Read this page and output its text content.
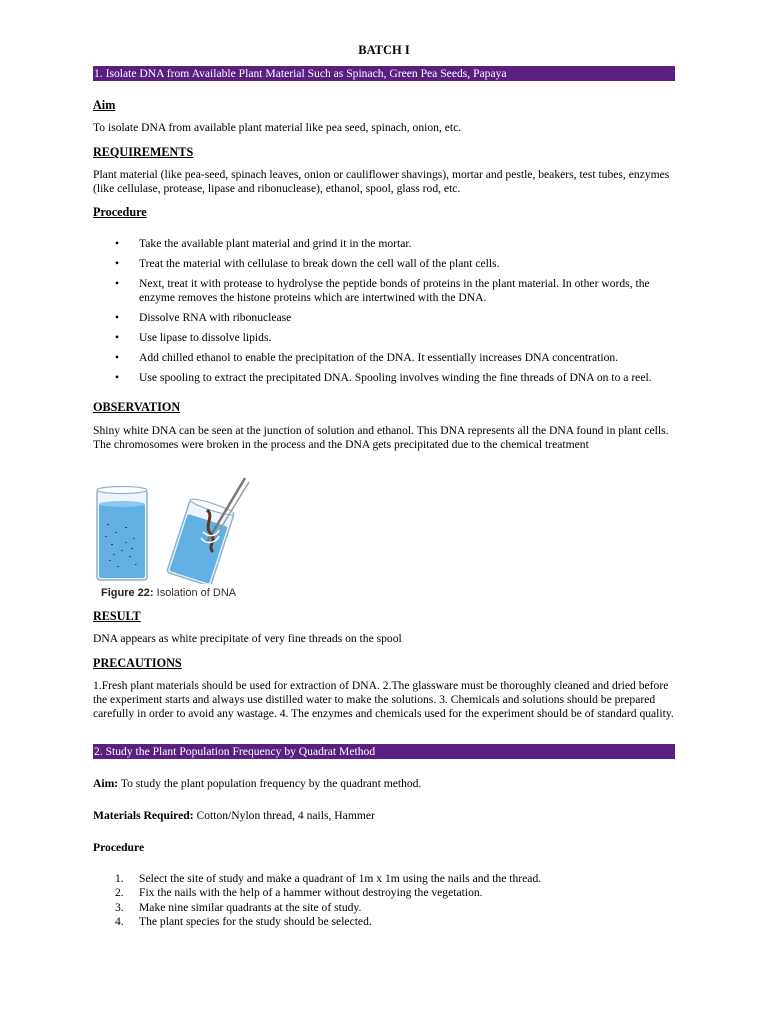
BATCH I
1. Isolate DNA from Available Plant Material Such as Spinach, Green Pea Seeds, Papaya
Aim
To isolate DNA from available plant material like pea seed, spinach, onion, etc.
REQUIREMENTS
Plant material (like pea-seed, spinach leaves, onion or cauliflower shavings), mortar and pestle, beakers, test tubes, enzymes (like cellulase, protease, lipase and ribonuclease), ethanol, spool, glass rod, etc.
Procedure
• Take the available plant material and grind it in the mortar.
• Treat the material with cellulase to break down the cell wall of the plant cells.
• Next, treat it with protease to hydrolyse the peptide bonds of proteins in the plant material. In other words, the enzyme removes the histone proteins which are intertwined with the DNA.
• Dissolve RNA with ribonuclease
• Use lipase to dissolve lipids.
• Add chilled ethanol to enable the precipitation of the DNA. It essentially increases DNA concentration.
• Use spooling to extract the precipitated DNA. Spooling involves winding the fine threads of DNA on to a reel.
OBSERVATION
Shiny white DNA can be seen at the junction of solution and ethanol. This DNA represents all the DNA found in plant cells. The chromosomes were broken in the process and the DNA gets precipitated due to the chemical treatment
Figure 22: Isolation of DNA
RESULT
DNA appears as white precipitate of very fine threads on the spool
PRECAUTIONS
1.Fresh plant materials should be used for extraction of DNA. 2.The glassware must be thoroughly cleaned and dried before the experiment starts and always use distilled water to make the solutions. 3. Chemicals and solutions should be prepared carefully in order to avoid any wastage. 4. The enzymes and chemicals used for the experiment should be of standard quality.
2. Study the Plant Population Frequency by Quadrat Method
Aim: To study the plant population frequency by the quadrant method.
Materials Required: Cotton/Nylon thread, 4 nails, Hammer
Procedure
1. Select the site of study and make a quadrant of 1m x 1m using the nails and the thread.
2. Fix the nails with the help of a hammer without destroying the vegetation.
3. Make nine similar quadrants at the site of study.
4. The plant species for the study should be selected.
